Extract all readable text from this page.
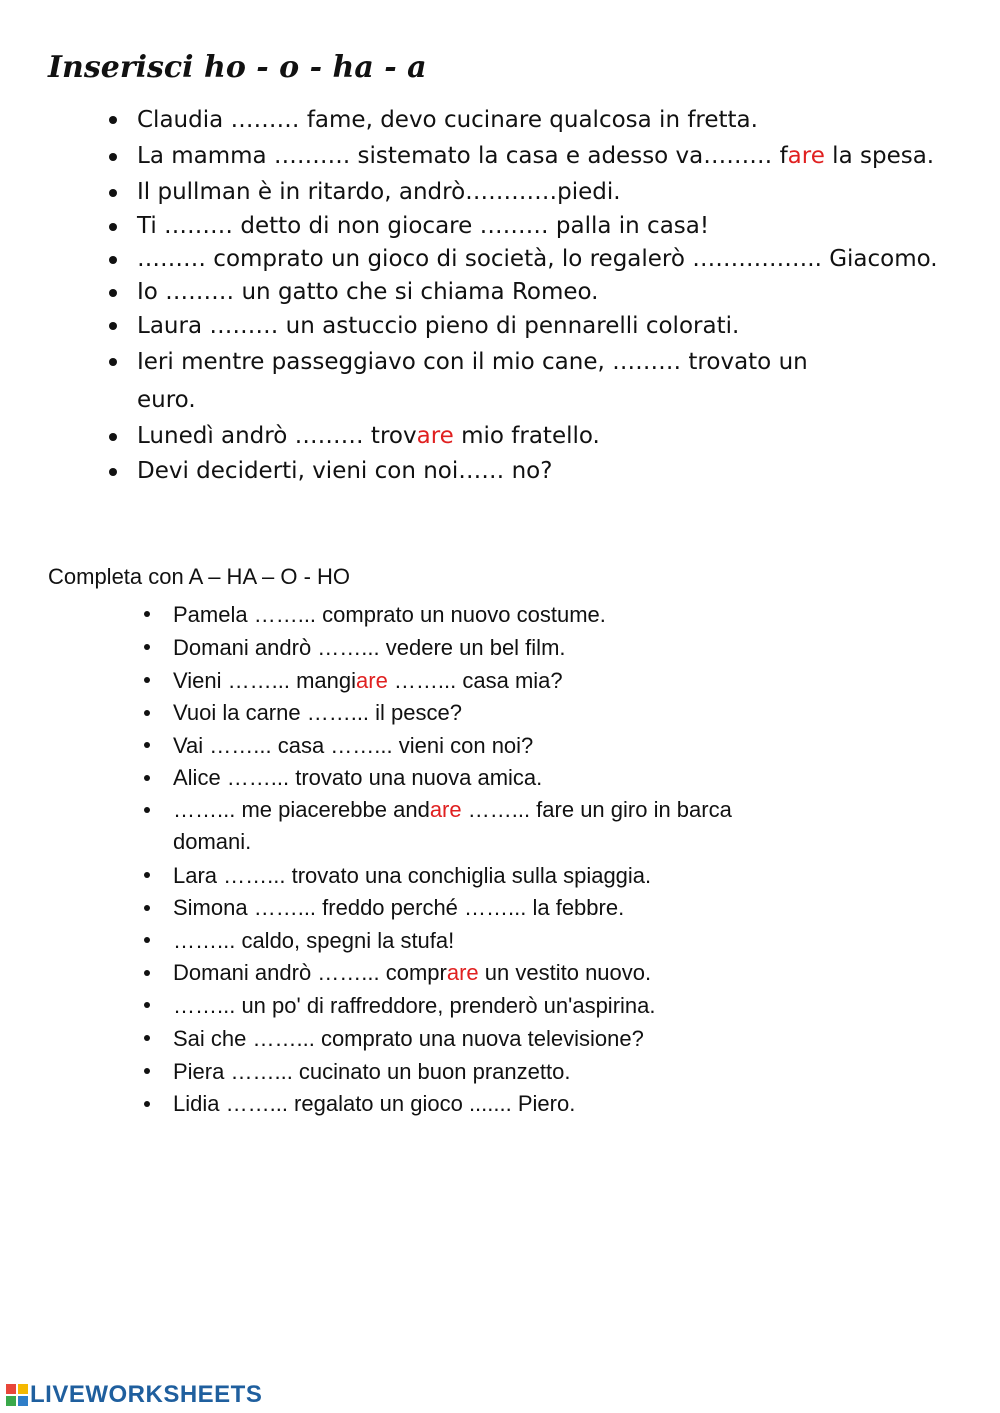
Inserisci ho - o - ha - a
Claudia ……… fame, devo cucinare qualcosa in fretta.
La mamma ………. sistemato la casa e adesso va……… fare la spesa.
Il pullman è in ritardo, andrò…………piedi.
Ti ……… detto di non giocare ……… palla in casa!
……… comprato un gioco di società, lo regalerò …………….. Giacomo.
Io ……… un gatto che si chiama Romeo.
Laura ……… un astuccio pieno di pennarelli colorati.
Ieri mentre passeggiavo con il mio cane, ……… trovato un
euro.
Lunedì andrò ……… trovare mio fratello.
Devi deciderti, vieni con noi…… no?
Completa con A – HA – O - HO
Pamela ……... comprato un nuovo costume.
Domani andrò ……... vedere un bel film.
Vieni ……... mangiare ……... casa mia?
Vuoi la carne ……... il pesce?
Vai ……... casa ……... vieni con noi?
Alice ……... trovato una nuova amica.
……... me piacerebbe andare ……... fare un giro in barca
domani.
Lara ……... trovato una conchiglia sulla spiaggia.
Simona ……... freddo perché ……... la febbre.
……... caldo, spegni la stufa!
Domani andrò ……... comprare un vestito nuovo.
……... un po' di raffreddore, prenderò un'aspirina.
Sai che ……... comprato una nuova televisione?
Piera ……... cucinato un buon pranzetto.
Lidia ……... regalato un gioco ....... Piero.
LIVEWORKSHEETS
